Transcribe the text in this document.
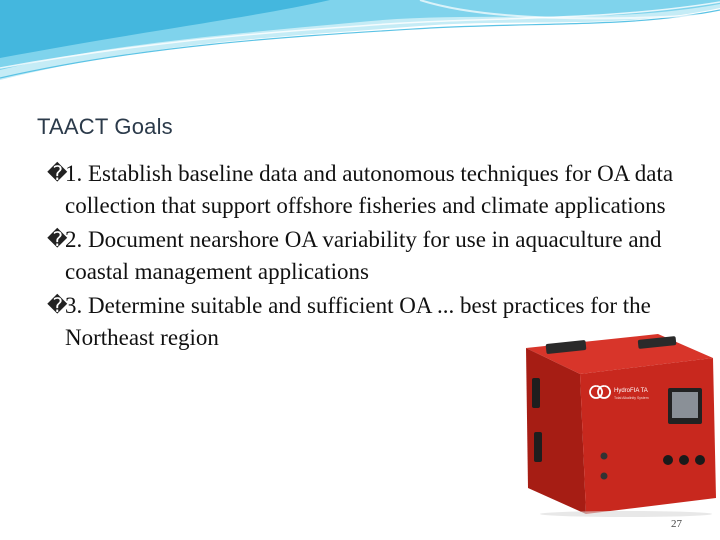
TAACT Goals
�
1. Establish baseline data and autonomous techniques for OA data collection that support offshore fisheries and climate applications
�
2. Document nearshore OA variability for use in aquaculture and coastal management applications
�
3. Determine suitable and sufficient OA ... best practices for the Northeast region
HydroFIA TA
Total Alkalinity System
27
